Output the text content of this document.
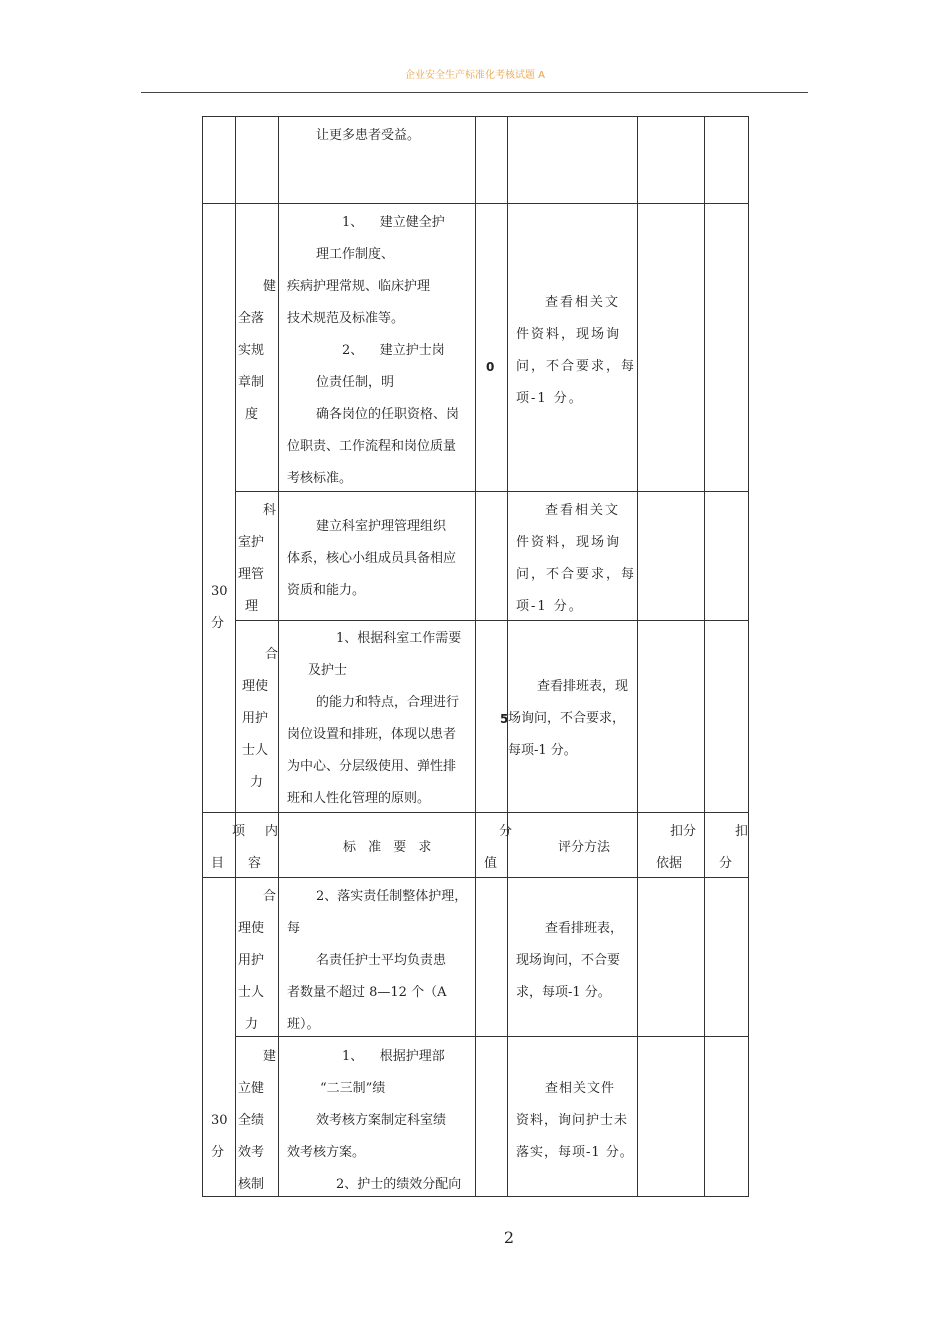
企业安全生产标准化考核试题 A
让更多患者受益。
30
分
健
全落
实规
章制
度
1、    建立健全护
理工作制度、
疾病护理常规、临床护理
技术规范及标准等。
2、    建立护士岗
位责任制，明
确各岗位的任职资格、岗
位职责、工作流程和岗位质量
考核标准。
0
查看相关文
件资料，现场询
问，不合要求，每
项-1 分。
科
室护
理管
理
建立科室护理管理组织
体系，核心小组成员具备相应
资质和能力。
查看相关文
件资料，现场询
问，不合要求，每
项-1 分。
合
理使
用护
士人
力
1、根据科室工作需要
及护士
的能力和特点，合理进行
岗位设置和排班，体现以患者
为中心、分层级使用、弹性排
班和人性化管理的原则。
5
查看排班表，现
场询问，不合要求，
每项-1 分。
项
目
内
容
标 准 要 求
分
值
评分方法
扣分
依据
扣
分
30
分
合
理使
用护
士人
力
2、落实责任制整体护理，
每
名责任护士平均负责患
者数量不超过 8—12 个（A
班）。
查看排班表，
现场询问，不合要
求，每项-1 分。
建
立健
全绩
效考
核制
1、    根据护理部
“二三制”绩
效考核方案制定科室绩
效考核方案。
2、护士的绩效分配向
查相关文件
资料，询问护士未
落实，每项-1 分。
2
